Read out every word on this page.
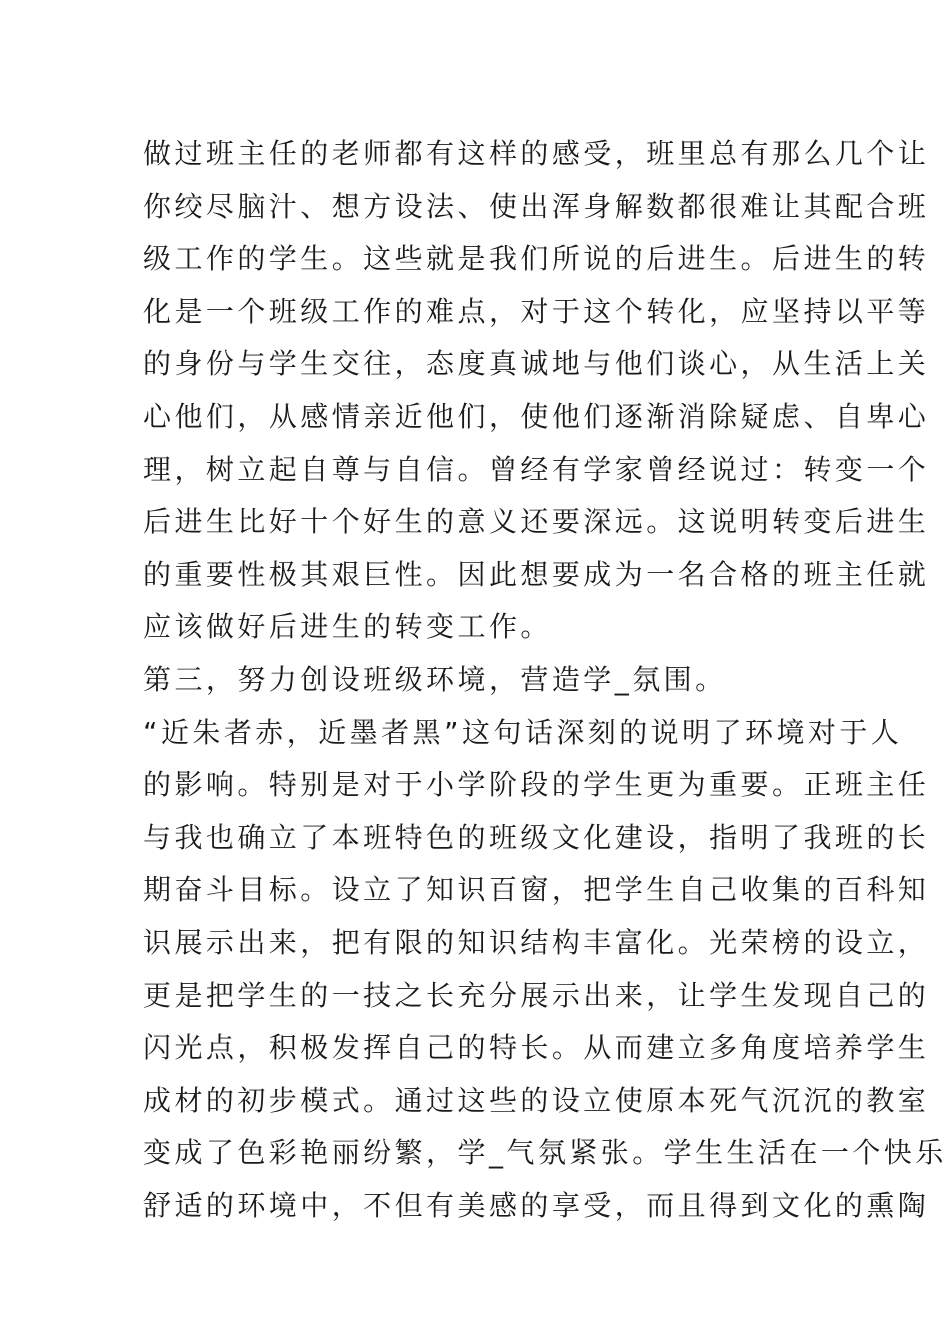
做过班主任的老师都有这样的感受，班里总有那么几个让
你绞尽脑汁、想方设法、使出浑身解数都很难让其配合班
级工作的学生。这些就是我们所说的后进生。后进生的转
化是一个班级工作的难点，对于这个转化，应坚持以平等
的身份与学生交往，态度真诚地与他们谈心，从生活上关
心他们，从感情亲近他们，使他们逐渐消除疑虑、自卑心
理，树立起自尊与自信。曾经有学家曾经说过：转变一个
后进生比好十个好生的意义还要深远。这说明转变后进生
的重要性极其艰巨性。因此想要成为一名合格的班主任就
应该做好后进生的转变工作。
第三，努力创设班级环境，营造学_氛围。
“近朱者赤，近墨者黑”这句话深刻的说明了环境对于人
的影响。特别是对于小学阶段的学生更为重要。正班主任
与我也确立了本班特色的班级文化建设，指明了我班的长
期奋斗目标。设立了知识百窗，把学生自己收集的百科知
识展示出来，把有限的知识结构丰富化。光荣榜的设立，
更是把学生的一技之长充分展示出来，让学生发现自己的
闪光点，积极发挥自己的特长。从而建立多角度培养学生
成材的初步模式。通过这些的设立使原本死气沉沉的教室
变成了色彩艳丽纷繁，学_气氛紧张。学生生活在一个快乐
舒适的环境中，不但有美感的享受，而且得到文化的熏陶
